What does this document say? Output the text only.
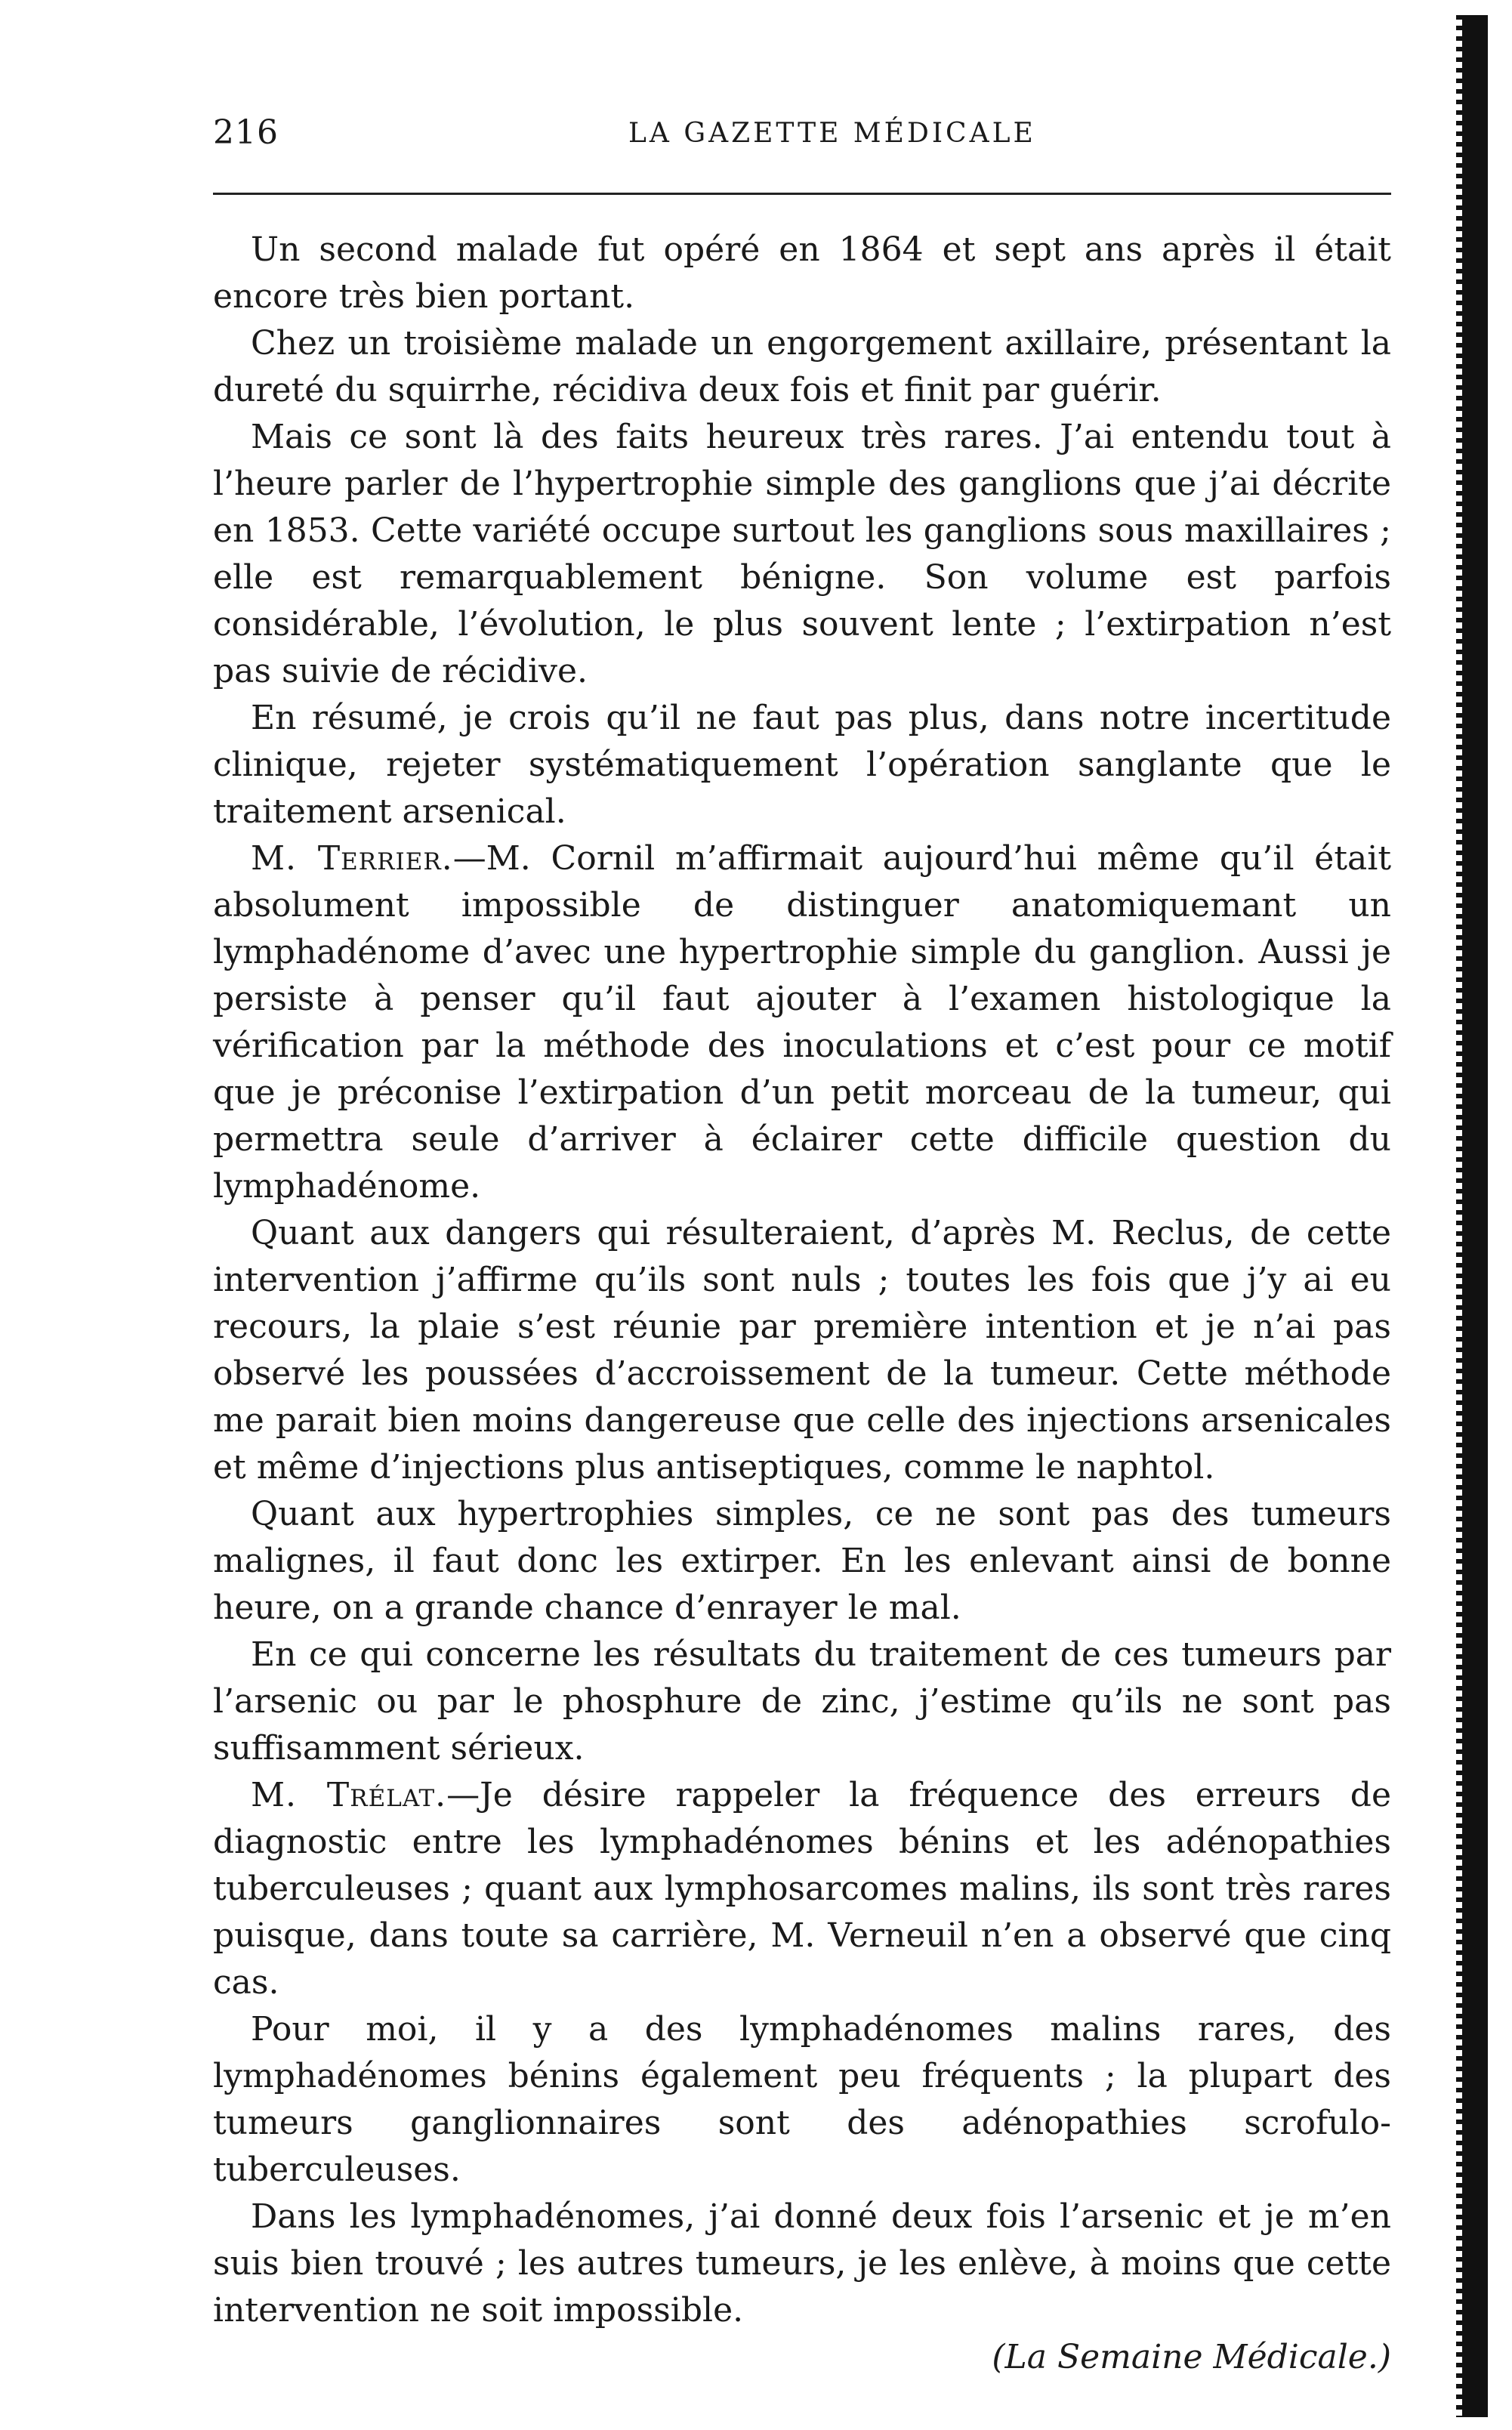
216	LA GAZETTE MÉDICALE

Un second malade fut opéré en 1864 et sept ans après il était encore très bien portant.

Chez un troisième malade un engorgement axillaire, présentant la dureté du squirrhe, récidiva deux fois et finit par guérir.

Mais ce sont là des faits heureux très rares. J’ai entendu tout à l’heure parler de l’hypertrophie simple des ganglions que j’ai décrite en 1853. Cette variété occupe surtout les ganglions sous maxillaires ; elle est remarquablement bénigne. Son volume est parfois considérable, l’évolution, le plus souvent lente ; l’extirpation n’est pas suivie de récidive.

En résumé, je crois qu’il ne faut pas plus, dans notre incertitude clinique, rejeter systématiquement l’opération sanglante que le traitement arsenical.

M. Terrier.—M. Cornil m’affirmait aujourd’hui même qu’il était absolument impossible de distinguer anatomiquemant un lymphadénome d’avec une hypertrophie simple du ganglion. Aussi je persiste à penser qu’il faut ajouter à l’examen histologique la vérification par la méthode des inoculations et c’est pour ce motif que je préconise l’extirpation d’un petit morceau de la tumeur, qui permettra seule d’arriver à éclairer cette difficile question du lymphadénome.

Quant aux dangers qui résulteraient, d’après M. Reclus, de cette intervention j’affirme qu’ils sont nuls ; toutes les fois que j’y ai eu recours, la plaie s’est réunie par première intention et je n’ai pas observé les poussées d’accroissement de la tumeur. Cette méthode me parait bien moins dangereuse que celle des injections arsenicales et même d’injections plus antiseptiques, comme le naphtol.

Quant aux hypertrophies simples, ce ne sont pas des tumeurs malignes, il faut donc les extirper. En les enlevant ainsi de bonne heure, on a grande chance d’enrayer le mal.

En ce qui concerne les résultats du traitement de ces tumeurs par l’arsenic ou par le phosphure de zinc, j’estime qu’ils ne sont pas suffisamment sérieux.

M. Trélat.—Je désire rappeler la fréquence des erreurs de diagnostic entre les lymphadénomes bénins et les adénopathies tuberculeuses ; quant aux lymphosarcomes malins, ils sont très rares puisque, dans toute sa carrière, M. Verneuil n’en a observé que cinq cas.

Pour moi, il y a des lymphadénomes malins rares, des lymphadénomes bénins également peu fréquents ; la plupart des tumeurs ganglionnaires sont des adénopathies scrofulo-tuberculeuses.

Dans les lymphadénomes, j’ai donné deux fois l’arsenic et je m’en suis bien trouvé ; les autres tumeurs, je les enlève, à moins que cette intervention ne soit impossible.

(La Semaine Médicale.)
